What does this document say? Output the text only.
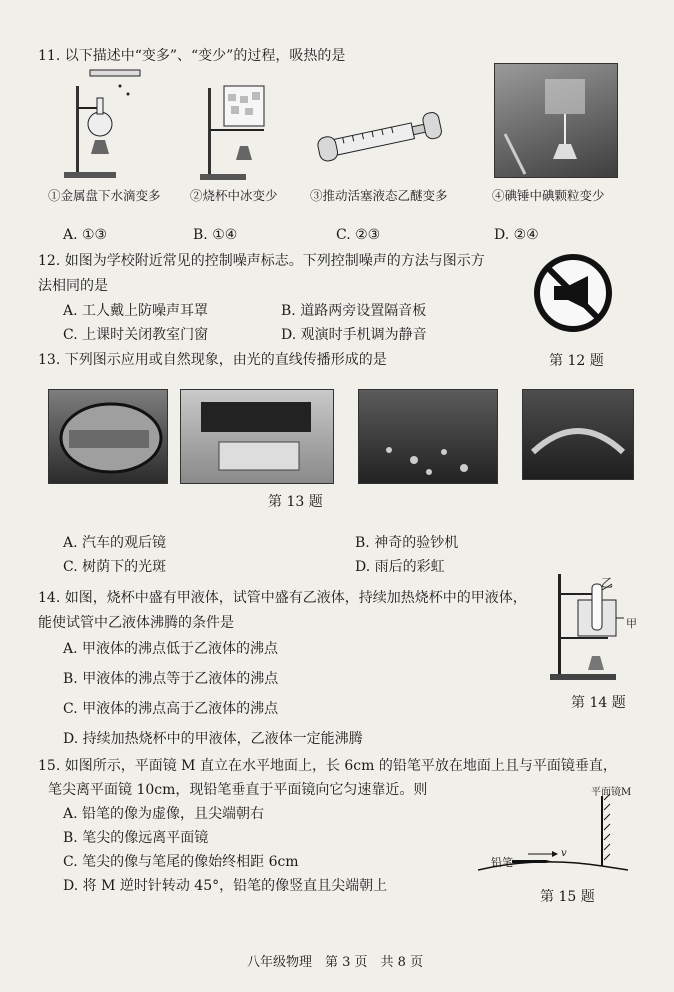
11. 以下描述中“变多”、“变少”的过程，吸热的是
①金属盘下水滴变多 ②烧杯中冰变少	③推动活塞液态乙醚变多	④碘锤中碘颗粒变少
A. ①③	B. ①④	C. ②③	D. ②④
12. 如图为学校附近常见的控制噪声标志。下列控制噪声的方法与图示方
法相同的是
A. 工人戴上防噪声耳罩	B. 道路两旁设置隔音板
C. 上课时关闭教室门窗	D. 观演时手机调为静音
第 12 题
13. 下列图示应用或自然现象，由光的直线传播形成的是
第 13 题
A. 汽车的观后镜	B. 神奇的验钞机
C. 树荫下的光斑	D. 雨后的彩虹
14. 如图，烧杯中盛有甲液体，试管中盛有乙液体，持续加热烧杯中的甲液体，
能使试管中乙液体沸腾的条件是
A. 甲液体的沸点低于乙液体的沸点
B. 甲液体的沸点等于乙液体的沸点
C. 甲液体的沸点高于乙液体的沸点
D. 持续加热烧杯中的甲液体，乙液体一定能沸腾
乙
甲
第 14 题
15. 如图所示，平面镜 M 直立在水平地面上，长 6cm 的铅笔平放在地面上且与平面镜垂直，
笔尖离平面镜 10cm，现铅笔垂直于平面镜向它匀速靠近。则
A. 铅笔的像为虚像，且尖端朝右
B. 笔尖的像远离平面镜
C. 笔尖的像与笔尾的像始终相距 6cm
D. 将 M 逆时针转动 45°，铅笔的像竖直且尖端朝上
平面镜M
铅笔
v
第 15 题
八年级物理　第 3 页　共 8 页
